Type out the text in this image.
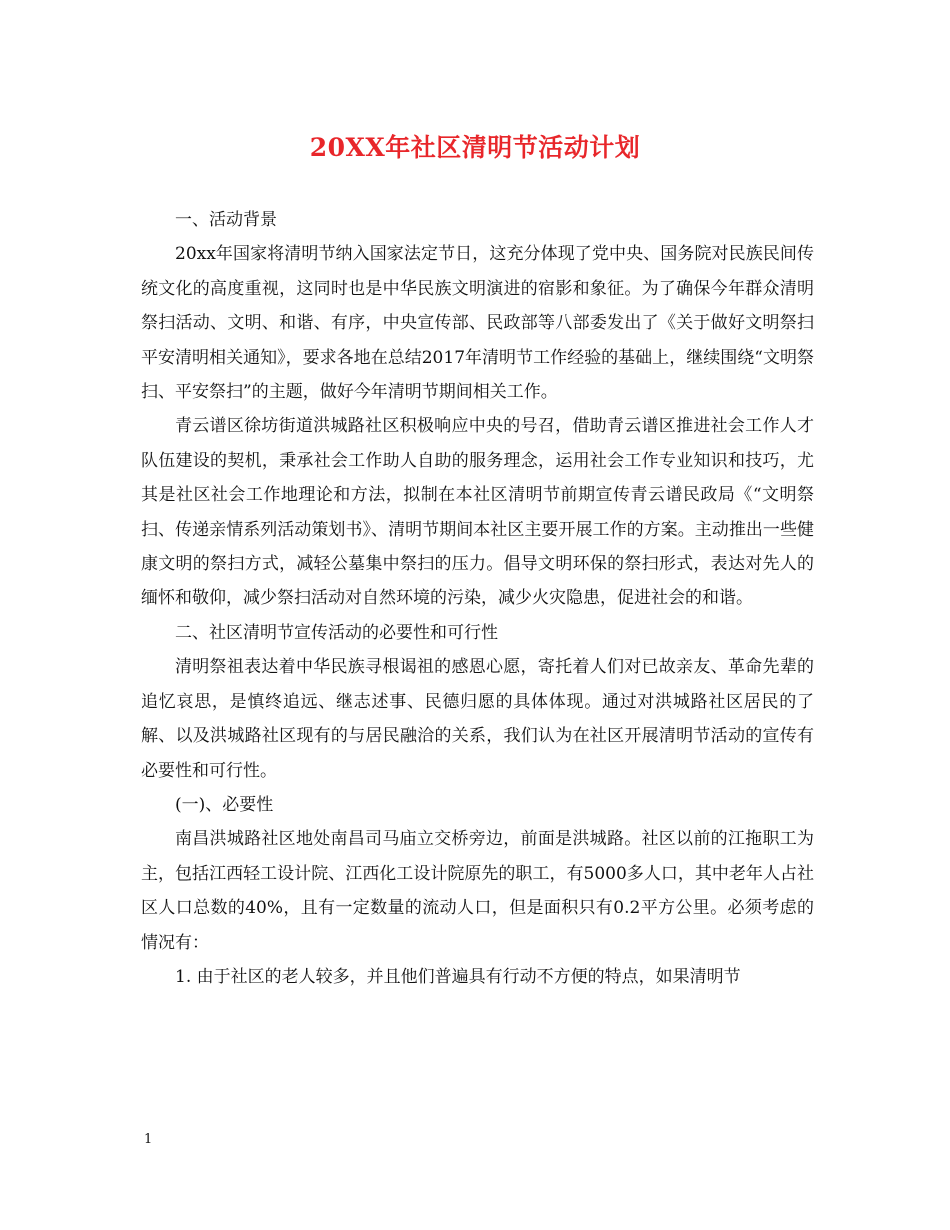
20XX年社区清明节活动计划

一、活动背景

20xx年国家将清明节纳入国家法定节日，这充分体现了党中央、国务院对民族民间传统文化的高度重视，这同时也是中华民族文明演进的宿影和象征。为了确保今年群众清明祭扫活动、文明、和谐、有序，中央宣传部、民政部等八部委发出了《关于做好文明祭扫平安清明相关通知》，要求各地在总结2017年清明节工作经验的基础上，继续围绕“文明祭扫、平安祭扫”的主题，做好今年清明节期间相关工作。

青云谱区徐坊街道洪城路社区积极响应中央的号召，借助青云谱区推进社会工作人才队伍建设的契机，秉承社会工作助人自助的服务理念，运用社会工作专业知识和技巧，尤其是社区社会工作地理论和方法，拟制在本社区清明节前期宣传青云谱民政局《“文明祭扫、传递亲情系列活动策划书》、清明节期间本社区主要开展工作的方案。主动推出一些健康文明的祭扫方式，减轻公墓集中祭扫的压力。倡导文明环保的祭扫形式，表达对先人的缅怀和敬仰，减少祭扫活动对自然环境的污染，减少火灾隐患，促进社会的和谐。

二、社区清明节宣传活动的必要性和可行性

清明祭祖表达着中华民族寻根谒祖的感恩心愿，寄托着人们对已故亲友、革命先辈的追忆哀思，是慎终追远、继志述事、民德归愿的具体体现。通过对洪城路社区居民的了解、以及洪城路社区现有的与居民融洽的关系，我们认为在社区开展清明节活动的宣传有必要性和可行性。

(一)、必要性

南昌洪城路社区地处南昌司马庙立交桥旁边，前面是洪城路。社区以前的江拖职工为主，包括江西轻工设计院、江西化工设计院原先的职工，有5000多人口，其中老年人占社区人口总数的40%，且有一定数量的流动人口，但是面积只有0.2平方公里。必须考虑的情况有：

1. 由于社区的老人较多，并且他们普遍具有行动不方便的特点，如果清明节

1
